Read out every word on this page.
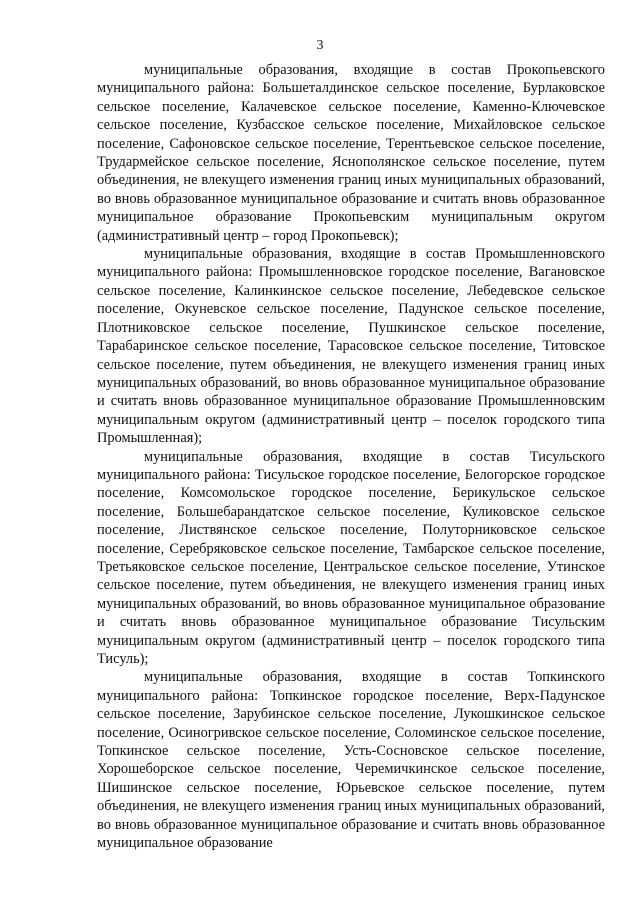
3

муниципальные образования, входящие в состав Прокопьевского муниципального района: Большеталдинское сельское поселение, Бурлаковское сельское поселение, Калачевское сельское поселение, Каменно-Ключевское сельское поселение, Кузбасское сельское поселение, Михайловское сельское поселение, Сафоновское сельское поселение, Терентьевское сельское поселение, Трудармейское сельское поселение, Яснополянское сельское поселение, путем объединения, не влекущего изменения границ иных муниципальных образований, во вновь образованное муниципальное образование и считать вновь образованное муниципальное образование Прокопьевским муниципальным округом (административный центр – город Прокопьевск);

муниципальные образования, входящие в состав Промышленновского муниципального района: Промышленновское городское поселение, Вагановское сельское поселение, Калинкинское сельское поселение, Лебедевское сельское поселение, Окуневское сельское поселение, Падунское сельское поселение, Плотниковское сельское поселение, Пушкинское сельское поселение, Тарабаринское сельское поселение, Тарасовское сельское поселение, Титовское сельское поселение, путем объединения, не влекущего изменения границ иных муниципальных образований, во вновь образованное муниципальное образование и считать вновь образованное муниципальное образование Промышленновским муниципальным округом (административный центр – поселок городского типа Промышленная);

муниципальные образования, входящие в состав Тисульского муниципального района: Тисульское городское поселение, Белогорское городское поселение, Комсомольское городское поселение, Берикульское сельское поселение, Большебарандатское сельское поселение, Куликовское сельское поселение, Листвянское сельское поселение, Полуторниковское сельское поселение, Серебряковское сельское поселение, Тамбарское сельское поселение, Третьяковское сельское поселение, Центральское сельское поселение, Утинское сельское поселение, путем объединения, не влекущего изменения границ иных муниципальных образований, во вновь образованное муниципальное образование и считать вновь образованное муниципальное образование Тисульским муниципальным округом (административный центр – поселок городского типа Тисуль);

муниципальные образования, входящие в состав Топкинского муниципального района: Топкинское городское поселение, Верх-Падунское сельское поселение, Зарубинское сельское поселение, Лукошкинское сельское поселение, Осиногривское сельское поселение, Соломинское сельское поселение, Топкинское сельское поселение, Усть-Сосновское сельское поселение, Хорошеборское сельское поселение, Черемичкинское сельское поселение, Шишинское сельское поселение, Юрьевское сельское поселение, путем объединения, не влекущего изменения границ иных муниципальных образований, во вновь образованное муниципальное образование и считать вновь образованное муниципальное образование
